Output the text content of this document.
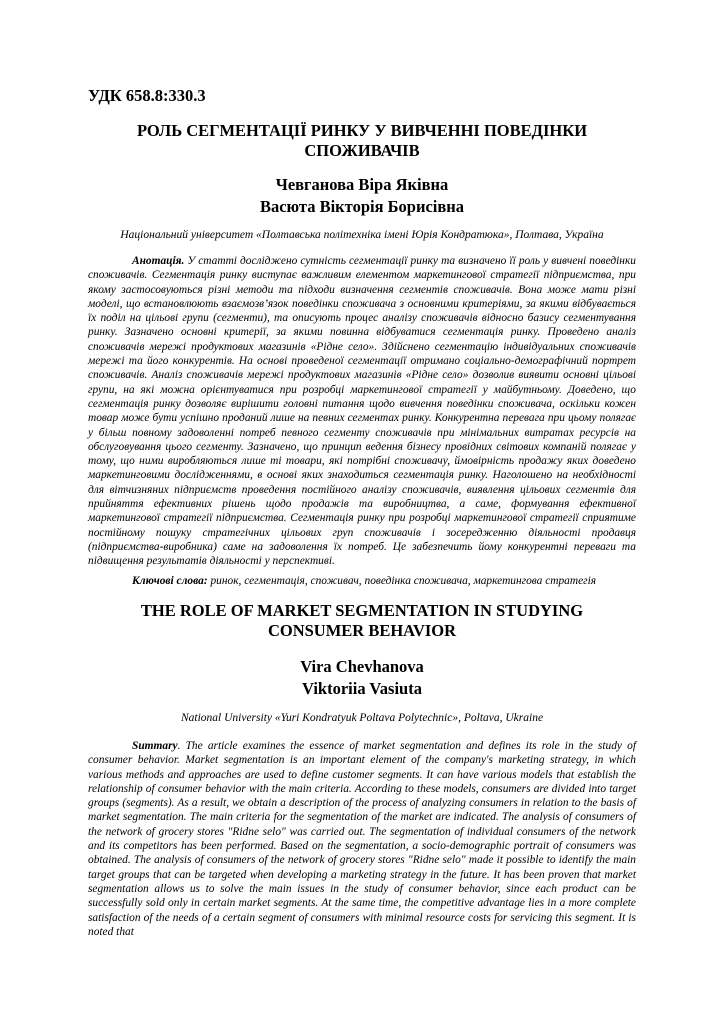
УДК 658.8:330.3

РОЛЬ СЕГМЕНТАЦІЇ РИНКУ У ВИВЧЕННІ ПОВЕДІНКИ
СПОЖИВАЧІВ

Чевганова Віра Яківна

Васюта Вікторія Борисівна

Національний університет «Полтавська політехніка імені Юрія Кондратюка», Полтава, Україна

Анотація. У статті досліджено сутність сегментації ринку та визначено її роль у вивчені поведінки споживачів. Сегментація ринку виступає важливим елементом маркетингової стратегії підприємства, при якому застосовуються різні методи та підходи визначення сегментів споживачів. Вона може мати різні моделі, що встановлюють взаємозв’язок поведінки споживача з основними критеріями, за якими відбувається їх поділ на цільові групи (сегменти), та описують процес аналізу споживачів відносно базису сегментування ринку. Зазначено основні критерії, за якими повинна відбуватися сегментація ринку. Проведено аналіз споживачів мережі продуктових магазинів «Рідне село». Здійснено сегментацію індивідуальних споживачів мережі та його конкурентів. На основі проведеної сегментації отримано соціально-демографічний портрет споживачів. Аналіз споживачів мережі продуктових магазинів «Рідне село» дозволив виявити основні цільові групи, на які можна орієнтуватися при розробці маркетингової стратегії у майбутньому. Доведено, що сегментація ринку дозволяє вирішити головні питання щодо вивчення поведінки споживача, оскільки кожен товар може бути успішно проданий лише на певних сегментах ринку. Конкурентна перевага при цьому полягає у більш повному задоволенні потреб певного сегменту споживачів при мінімальних витратах ресурсів на обслуговування цього сегменту. Зазначено, що принцип ведення бізнесу провідних світових компаній полягає у тому, що ними виробляються лише ті товари, які потрібні споживачу, ймовірність продажу яких доведено маркетинговими дослідженнями, в основі яких знаходиться сегментація ринку. Наголошено на необхідності для вітчизняних підприємств проведення постійного аналізу споживачів, виявлення цільових сегментів для прийняття ефективних рішень щодо продажів та виробництва, а саме, формування ефективної маркетингової стратегії підприємства. Сегментація ринку при розробці маркетингової стратегії сприятиме постійному пошуку стратегічних цільових груп споживачів і зосередженню діяльності продавця (підприємства-виробника) саме на задоволення їх потреб. Це забезпечить йому конкурентні переваги та підвищення результатів діяльності у перспективі.

Ключові слова: ринок, сегментація, споживач, поведінка споживача, маркетингова стратегія

THE ROLE OF MARKET SEGMENTATION IN STUDYING
CONSUMER BEHAVIOR

Vira Chevhanova

Viktoriia Vasiuta

National University «Yuri Kondratyuk Poltava Polytechnic», Poltava, Ukraine

Summary. The article examines the essence of market segmentation and defines its role in the study of consumer behavior. Market segmentation is an important element of the company's marketing strategy, in which various methods and approaches are used to define customer segments. It can have various models that establish the relationship of consumer behavior with the main criteria. According to these models, consumers are divided into target groups (segments). As a result, we obtain a description of the process of analyzing consumers in relation to the basis of market segmentation. The main criteria for the segmentation of the market are indicated. The analysis of consumers of the network of grocery stores "Ridne selo" was carried out. The segmentation of individual consumers of the network and its competitors has been performed. Based on the segmentation, a socio-demographic portrait of consumers was obtained. The analysis of consumers of the network of grocery stores "Ridne selo" made it possible to identify the main target groups that can be targeted when developing a marketing strategy in the future. It has been proven that market segmentation allows us to solve the main issues in the study of consumer behavior, since each product can be successfully sold only in certain market segments. At the same time, the competitive advantage lies in a more complete satisfaction of the needs of a certain segment of consumers with minimal resource costs for servicing this segment. It is noted that
